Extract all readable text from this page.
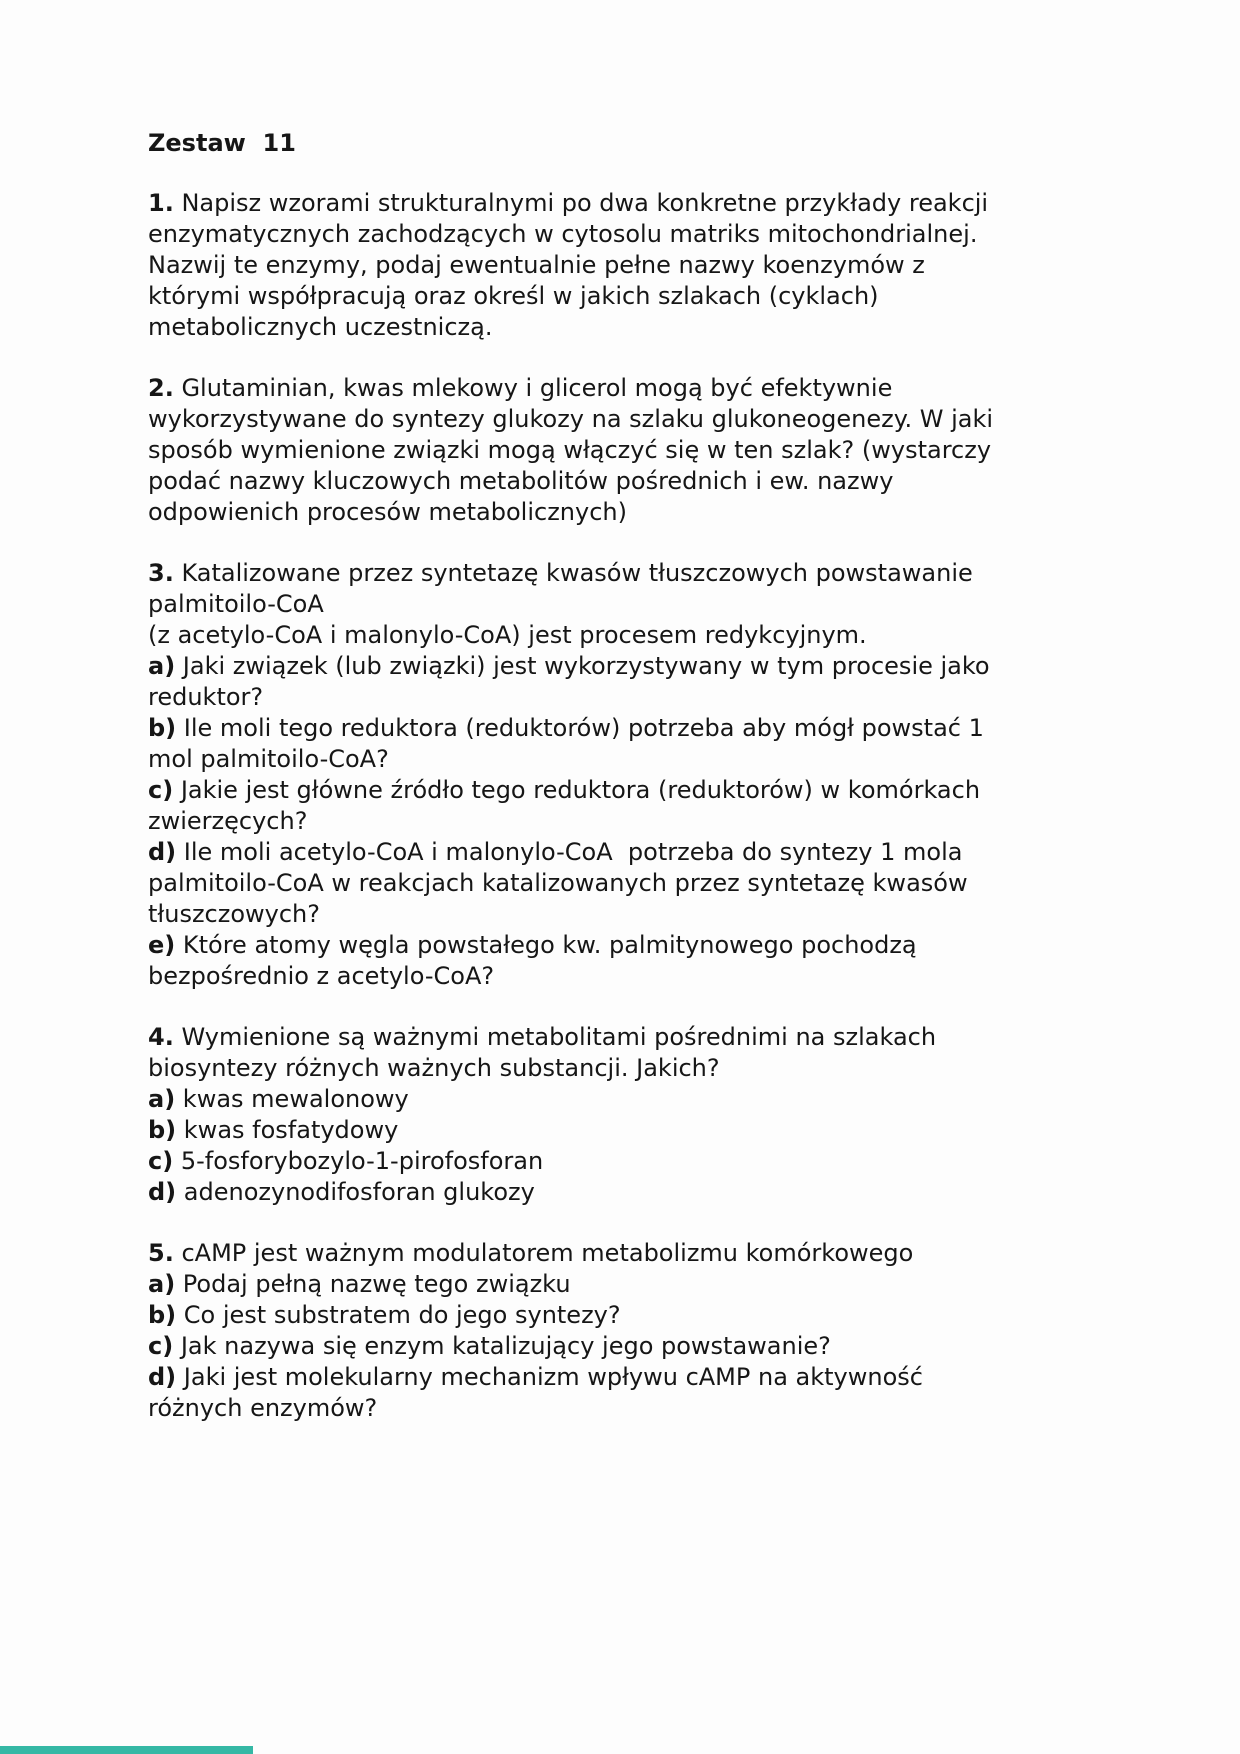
Zestaw  11
1. Napisz wzorami strukturalnymi po dwa konkretne przykłady reakcji
enzymatycznych zachodzących w cytosolu matriks mitochondrialnej.
Nazwij te enzymy, podaj ewentualnie pełne nazwy koenzymów z
którymi współpracują oraz określ w jakich szlakach (cyklach)
metabolicznych uczestniczą.
2. Glutaminian, kwas mlekowy i glicerol mogą być efektywnie
wykorzystywane do syntezy glukozy na szlaku glukoneogenezy. W jaki
sposób wymienione związki mogą włączyć się w ten szlak? (wystarczy
podać nazwy kluczowych metabolitów pośrednich i ew. nazwy
odpowienich procesów metabolicznych)
3. Katalizowane przez syntetazę kwasów tłuszczowych powstawanie
palmitoilo-CoA
(z acetylo-CoA i malonylo-CoA) jest procesem redykcyjnym.
a) Jaki związek (lub związki) jest wykorzystywany w tym procesie jako
reduktor?
b) Ile moli tego reduktora (reduktorów) potrzeba aby mógł powstać 1
mol palmitoilo-CoA?
c) Jakie jest główne źródło tego reduktora (reduktorów) w komórkach
zwierzęcych?
d) Ile moli acetylo-CoA i malonylo-CoA  potrzeba do syntezy 1 mola
palmitoilo-CoA w reakcjach katalizowanych przez syntetazę kwasów
tłuszczowych?
e) Które atomy węgla powstałego kw. palmitynowego pochodzą
bezpośrednio z acetylo-CoA?
4. Wymienione są ważnymi metabolitami pośrednimi na szlakach
biosyntezy różnych ważnych substancji. Jakich?
a) kwas mewalonowy
b) kwas fosfatydowy
c) 5-fosforybozylo-1-pirofosforan
d) adenozynodifosforan glukozy
5. cAMP jest ważnym modulatorem metabolizmu komórkowego
a) Podaj pełną nazwę tego związku
b) Co jest substratem do jego syntezy?
c) Jak nazywa się enzym katalizujący jego powstawanie?
d) Jaki jest molekularny mechanizm wpływu cAMP na aktywność
różnych enzymów?
